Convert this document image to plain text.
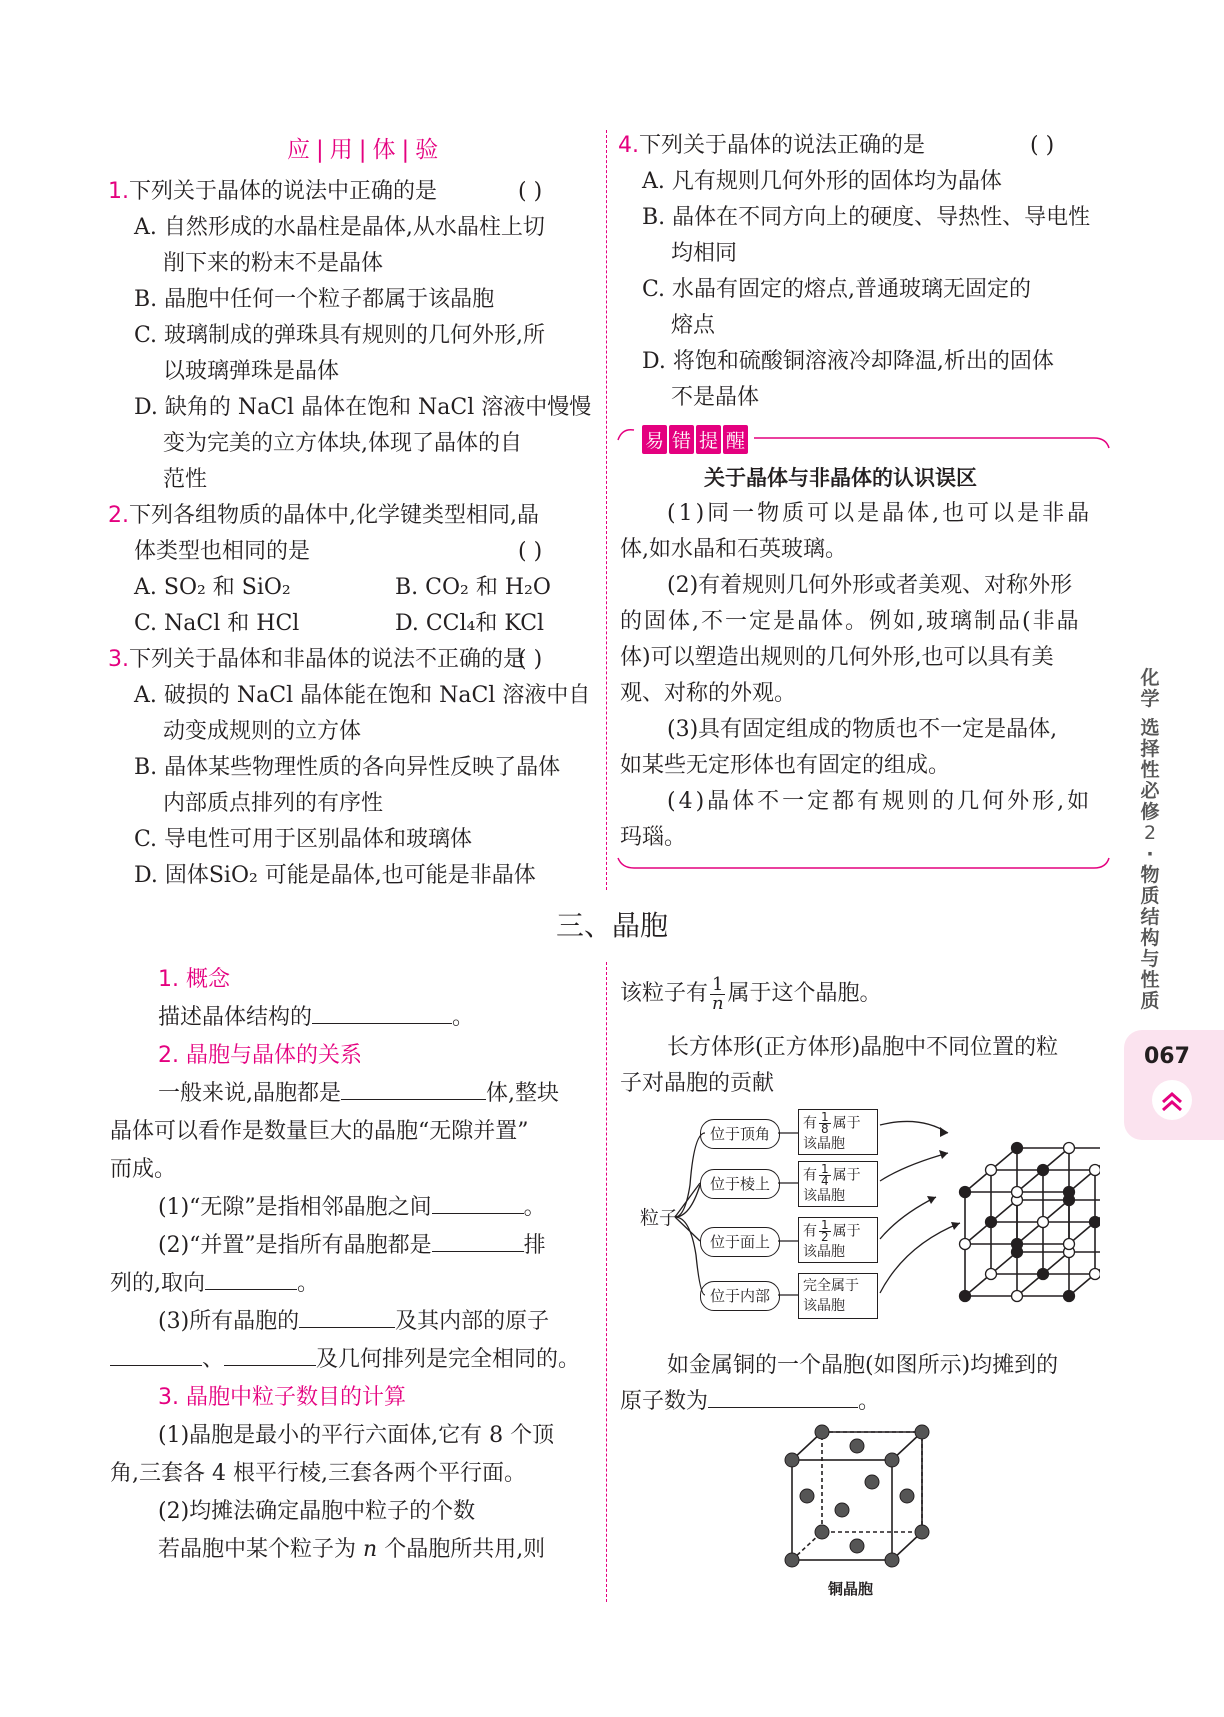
应 | 用 | 体 | 验
1.下列关于晶体的说法中正确的是	( )
A. 自然形成的水晶柱是晶体,从水晶柱上切
削下来的粉末不是晶体
B. 晶胞中任何一个粒子都属于该晶胞
C. 玻璃制成的弹珠具有规则的几何外形,所
以玻璃弹珠是晶体
D. 缺角的 NaCl 晶体在饱和 NaCl 溶液中慢慢
变为完美的立方体块,体现了晶体的自
范性
2.下列各组物质的晶体中,化学键类型相同,晶
体类型也相同的是	( )
A. SO₂ 和 SiO₂	B. CO₂ 和 H₂O
C. NaCl 和 HCl	D. CCl₄和 KCl
3.下列关于晶体和非晶体的说法不正确的是
( )
A. 破损的 NaCl 晶体能在饱和 NaCl 溶液中自
动变成规则的立方体
B. 晶体某些物理性质的各向异性反映了晶体
内部质点排列的有序性
C. 导电性可用于区别晶体和玻璃体
D. 固体SiO₂ 可能是晶体,也可能是非晶体
4.下列关于晶体的说法正确的是	( )
A. 凡有规则几何外形的固体均为晶体
B. 晶体在不同方向上的硬度、导热性、导电性
均相同
C. 水晶有固定的熔点,普通玻璃无固定的
熔点
D. 将饱和硫酸铜溶液冷却降温,析出的固体
不是晶体
易 错 提 醒
关于晶体与非晶体的认识误区
(1)同一物质可以是晶体,也可以是非晶
体,如水晶和石英玻璃。
(2)有着规则几何外形或者美观、对称外形
的固体,不一定是晶体。例如,玻璃制品(非晶
体)可以塑造出规则的几何外形,也可以具有美
观、对称的外观。
(3)具有固定组成的物质也不一定是晶体,
如某些无定形体也有固定的组成。
(4)晶体不一定都有规则的几何外形,如
玛瑙。
三、晶胞
1. 概念
描述晶体结构的	。
2. 晶胞与晶体的关系
一般来说,晶胞都是	体,整块
晶体可以看作是数量巨大的晶胞“无隙并置”
而成。
(1)“无隙”是指相邻晶胞之间	。
(2)“并置”是指所有晶胞都是	排
列的,取向	。
(3)所有晶胞的	及其内部的原子
、	及几何排列是完全相同的。
3. 晶胞中粒子数目的计算
(1)晶胞是最小的平行六面体,它有 8 个顶
角,三套各 4 根平行棱,三套各两个平行面。
(2)均摊法确定晶胞中粒子的个数
若晶胞中某个粒子为 n 个晶胞所共用,则
该粒子有 $\frac{1}{n}$ 属于这个晶胞。
长方体形(正方体形)晶胞中不同位置的粒
子对晶胞的贡献
粒子
位于顶角
位于棱上
位于面上
位于内部
有 $\frac{1}{8}$ 属于
该晶胞
有 $\frac{1}{4}$ 属于
该晶胞
有 $\frac{1}{2}$ 属于
该晶胞
完全属于
该晶胞
如金属铜的一个晶胞(如图所示)均摊到的
原子数为	。
铜晶胞
化
学
选
择
性
必
修
2
·
物
质
结
构
与
性
质
067
